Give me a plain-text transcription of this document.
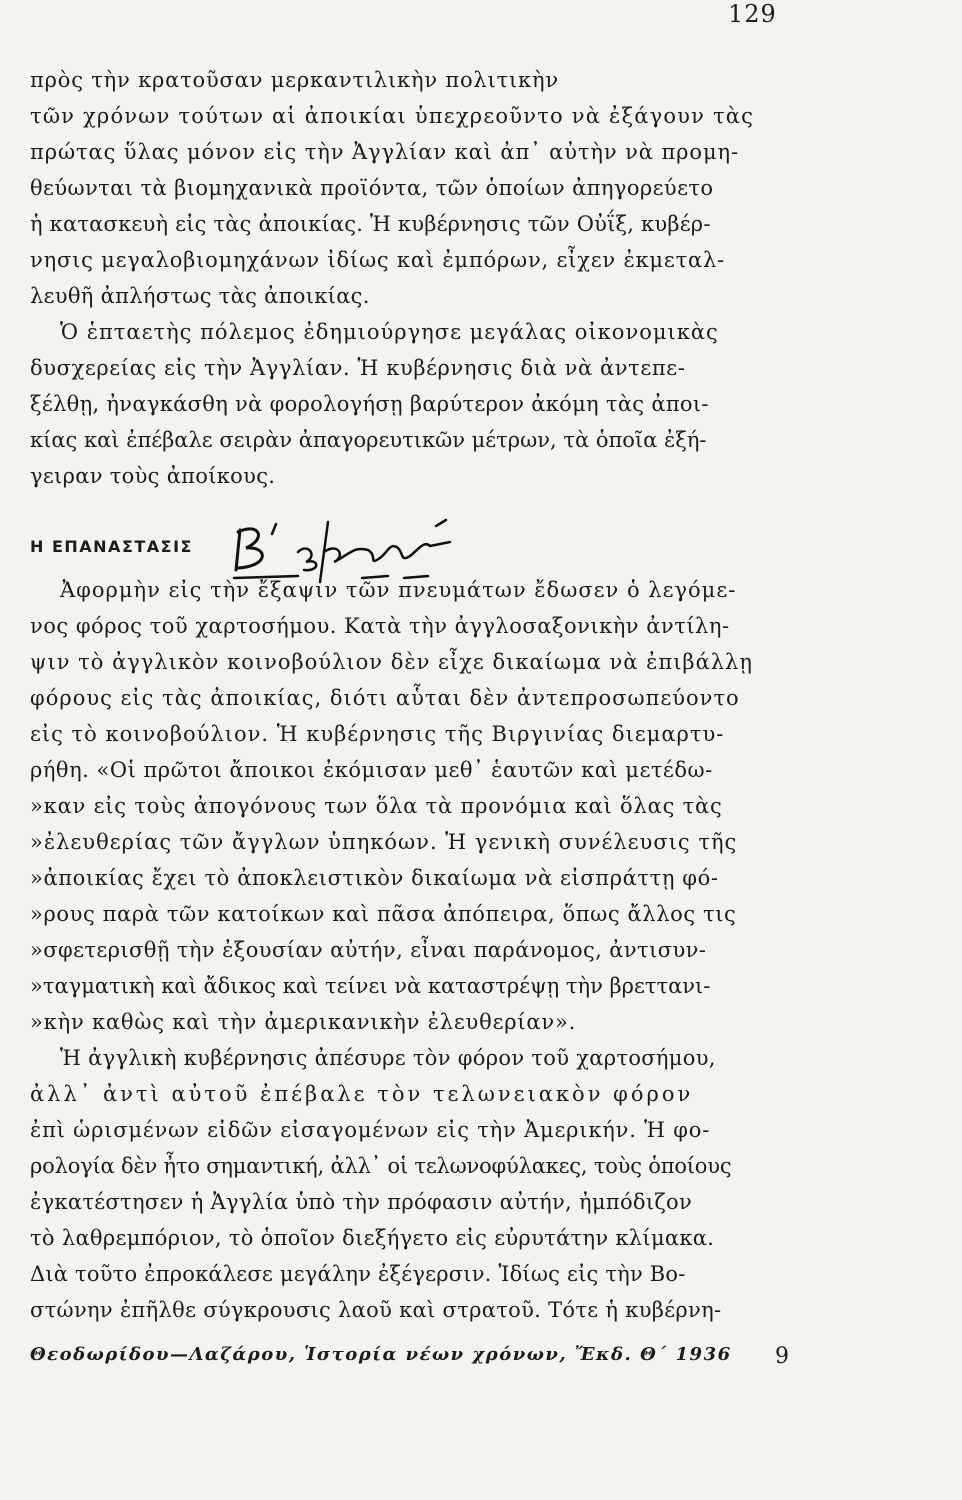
129
πρὸς τὴν κρατοῦσαν μερκαντιλικὴν πολιτικὴν
τῶν χρόνων τούτων αἱ ἀποικίαι ὑπεχρεοῦντο νὰ ἐξάγουν τὰς
πρώτας ὕλας μόνον εἰς τὴν Ἀγγλίαν καὶ ἀπ᾽ αὐτὴν νὰ προμη-
θεύωνται τὰ βιομηχανικὰ προϊόντα, τῶν ὁποίων ἀπηγορεύετο
ἡ κατασκευὴ εἰς τὰς ἀποικίας. Ἡ κυβέρνησις τῶν Οὐΐξ, κυβέρ-
νησις μεγαλοβιομηχάνων ἰδίως καὶ ἐμπόρων, εἶχεν ἐκμεταλ-
λευθῆ ἀπλήστως τὰς ἀποικίας.
Ὁ ἑπταετὴς πόλεμος ἐδημιούργησε μεγάλας οἰκονομικὰς
δυσχερείας εἰς τὴν Ἀγγλίαν. Ἡ κυβέρνησις διὰ νὰ ἀντεπε-
ξέλθῃ, ἠναγκάσθη νὰ φορολογήσῃ βαρύτερον ἀκόμη τὰς ἀποι-
κίας καὶ ἐπέβαλε σειρὰν ἀπαγορευτικῶν μέτρων, τὰ ὁποῖα ἐξή-
γειραν τοὺς ἀποίκους.
Η ΕΠΑΝΑΣΤΑΣΙΣ
Ἀφορμὴν εἰς τὴν ἔξαψιν τῶν πνευμάτων ἔδωσεν ὁ λεγόμε-
νος φόρος τοῦ χαρτοσήμου. Κατὰ τὴν ἀγγλοσαξονικὴν ἀντίλη-
ψιν τὸ ἀγγλικὸν κοινοβούλιον δὲν εἶχε δικαίωμα νὰ ἐπιβάλλῃ
φόρους εἰς τὰς ἀποικίας, διότι αὗται δὲν ἀντεπροσωπεύοντο
εἰς τὸ κοινοβούλιον. Ἡ κυβέρνησις τῆς Βιργινίας διεμαρτυ-
ρήθη. «Οἱ πρῶτοι ἄποικοι ἐκόμισαν μεθ᾽ ἑαυτῶν καὶ μετέδω-
»καν εἰς τοὺς ἀπογόνους των ὅλα τὰ προνόμια καὶ ὅλας τὰς
»ἐλευθερίας τῶν ἄγγλων ὑπηκόων. Ἡ γενικὴ συνέλευσις τῆς
»ἀποικίας ἔχει τὸ ἀποκλειστικὸν δικαίωμα νὰ εἰσπράττῃ φό-
»ρους παρὰ τῶν κατοίκων καὶ πᾶσα ἀπόπειρα, ὅπως ἄλλος τις
»σφετερισθῇ τὴν ἐξουσίαν αὐτήν, εἶναι παράνομος, ἀντισυν-
»ταγματικὴ καὶ ἄδικος καὶ τείνει νὰ καταστρέψῃ τὴν βρεττανι-
»κὴν καθὼς καὶ τὴν ἀμερικανικὴν ἐλευθερίαν».
Ἡ ἀγγλικὴ κυβέρνησις ἀπέσυρε τὸν φόρον τοῦ χαρτοσήμου,
ἀλλ᾽ ἀντὶ αὐτοῦ ἐπέβαλε τὸν τελωνειακὸν φόρον
ἐπὶ ὡρισμένων εἰδῶν εἰσαγομένων εἰς τὴν Ἀμερικήν. Ἡ φο-
ρολογία δὲν ἦτο σημαντική, ἀλλ᾽ οἱ τελωνοφύλακες, τοὺς ὁποίους
ἐγκατέστησεν ἡ Ἀγγλία ὑπὸ τὴν πρόφασιν αὐτήν, ἠμπόδιζον
τὸ λαθρεμπόριον, τὸ ὁποῖον διεξήγετο εἰς εὐρυτάτην κλίμακα.
Διὰ τοῦτο ἐπροκάλεσε μεγάλην ἐξέγερσιν. Ἰδίως εἰς τὴν Βο-
στώνην ἐπῆλθε σύγκρουσις λαοῦ καὶ στρατοῦ. Τότε ἡ κυβέρνη-
Θεοδωρίδου—Λαζάρου, Ἱστορία νέων χρόνων, Ἔκδ. Θ΄ 1936 9
